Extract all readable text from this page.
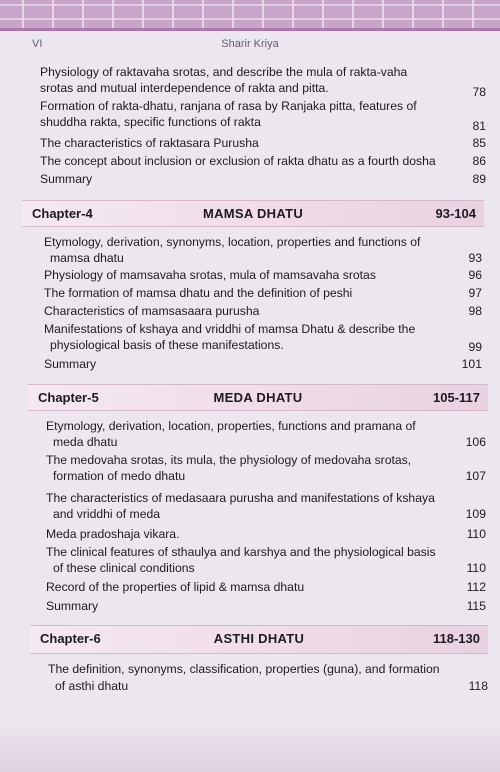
VI	Sharir Kriya
Physiology of raktavaha srotas, and describe the mula of rakta-vaha
srotas and mutual interdependence of rakta and pitta.	78
Formation of rakta-dhatu, ranjana of rasa by Ranjaka pitta, features of
shuddha rakta, specific functions of rakta	81
The characteristics of raktasara Purusha	85
The concept about inclusion or exclusion of rakta dhatu as a fourth dosha	86
Summary	89
Chapter-4	MAMSA DHATU	93-104
Etymology, derivation, synonyms, location, properties and functions of
mamsa dhatu	93
Physiology of mamsavaha srotas, mula of mamsavaha srotas	96
The formation of mamsa dhatu and the definition of peshi	97
Characteristics of mamsasaara purusha	98
Manifestations of kshaya and vriddhi of mamsa Dhatu & describe the
physiological basis of these manifestations.	99
Summary	101
Chapter-5	MEDA DHATU	105-117
Etymology, derivation, location, properties, functions and pramana of
meda dhatu	106
The medovaha srotas, its mula, the physiology of medovaha srotas,
formation of medo dhatu	107
The characteristics of medasaara purusha and manifestations of kshaya
and vriddhi of meda	109
Meda pradoshaja vikara.	110
The clinical features of sthaulya and karshya and the physiological basis
of these clinical conditions	110
Record of the properties of lipid & mamsa dhatu	112
Summary	115
Chapter-6	ASTHI DHATU	118-130
The definition, synonyms, classification, properties (guna), and formation
of asthi dhatu	118
